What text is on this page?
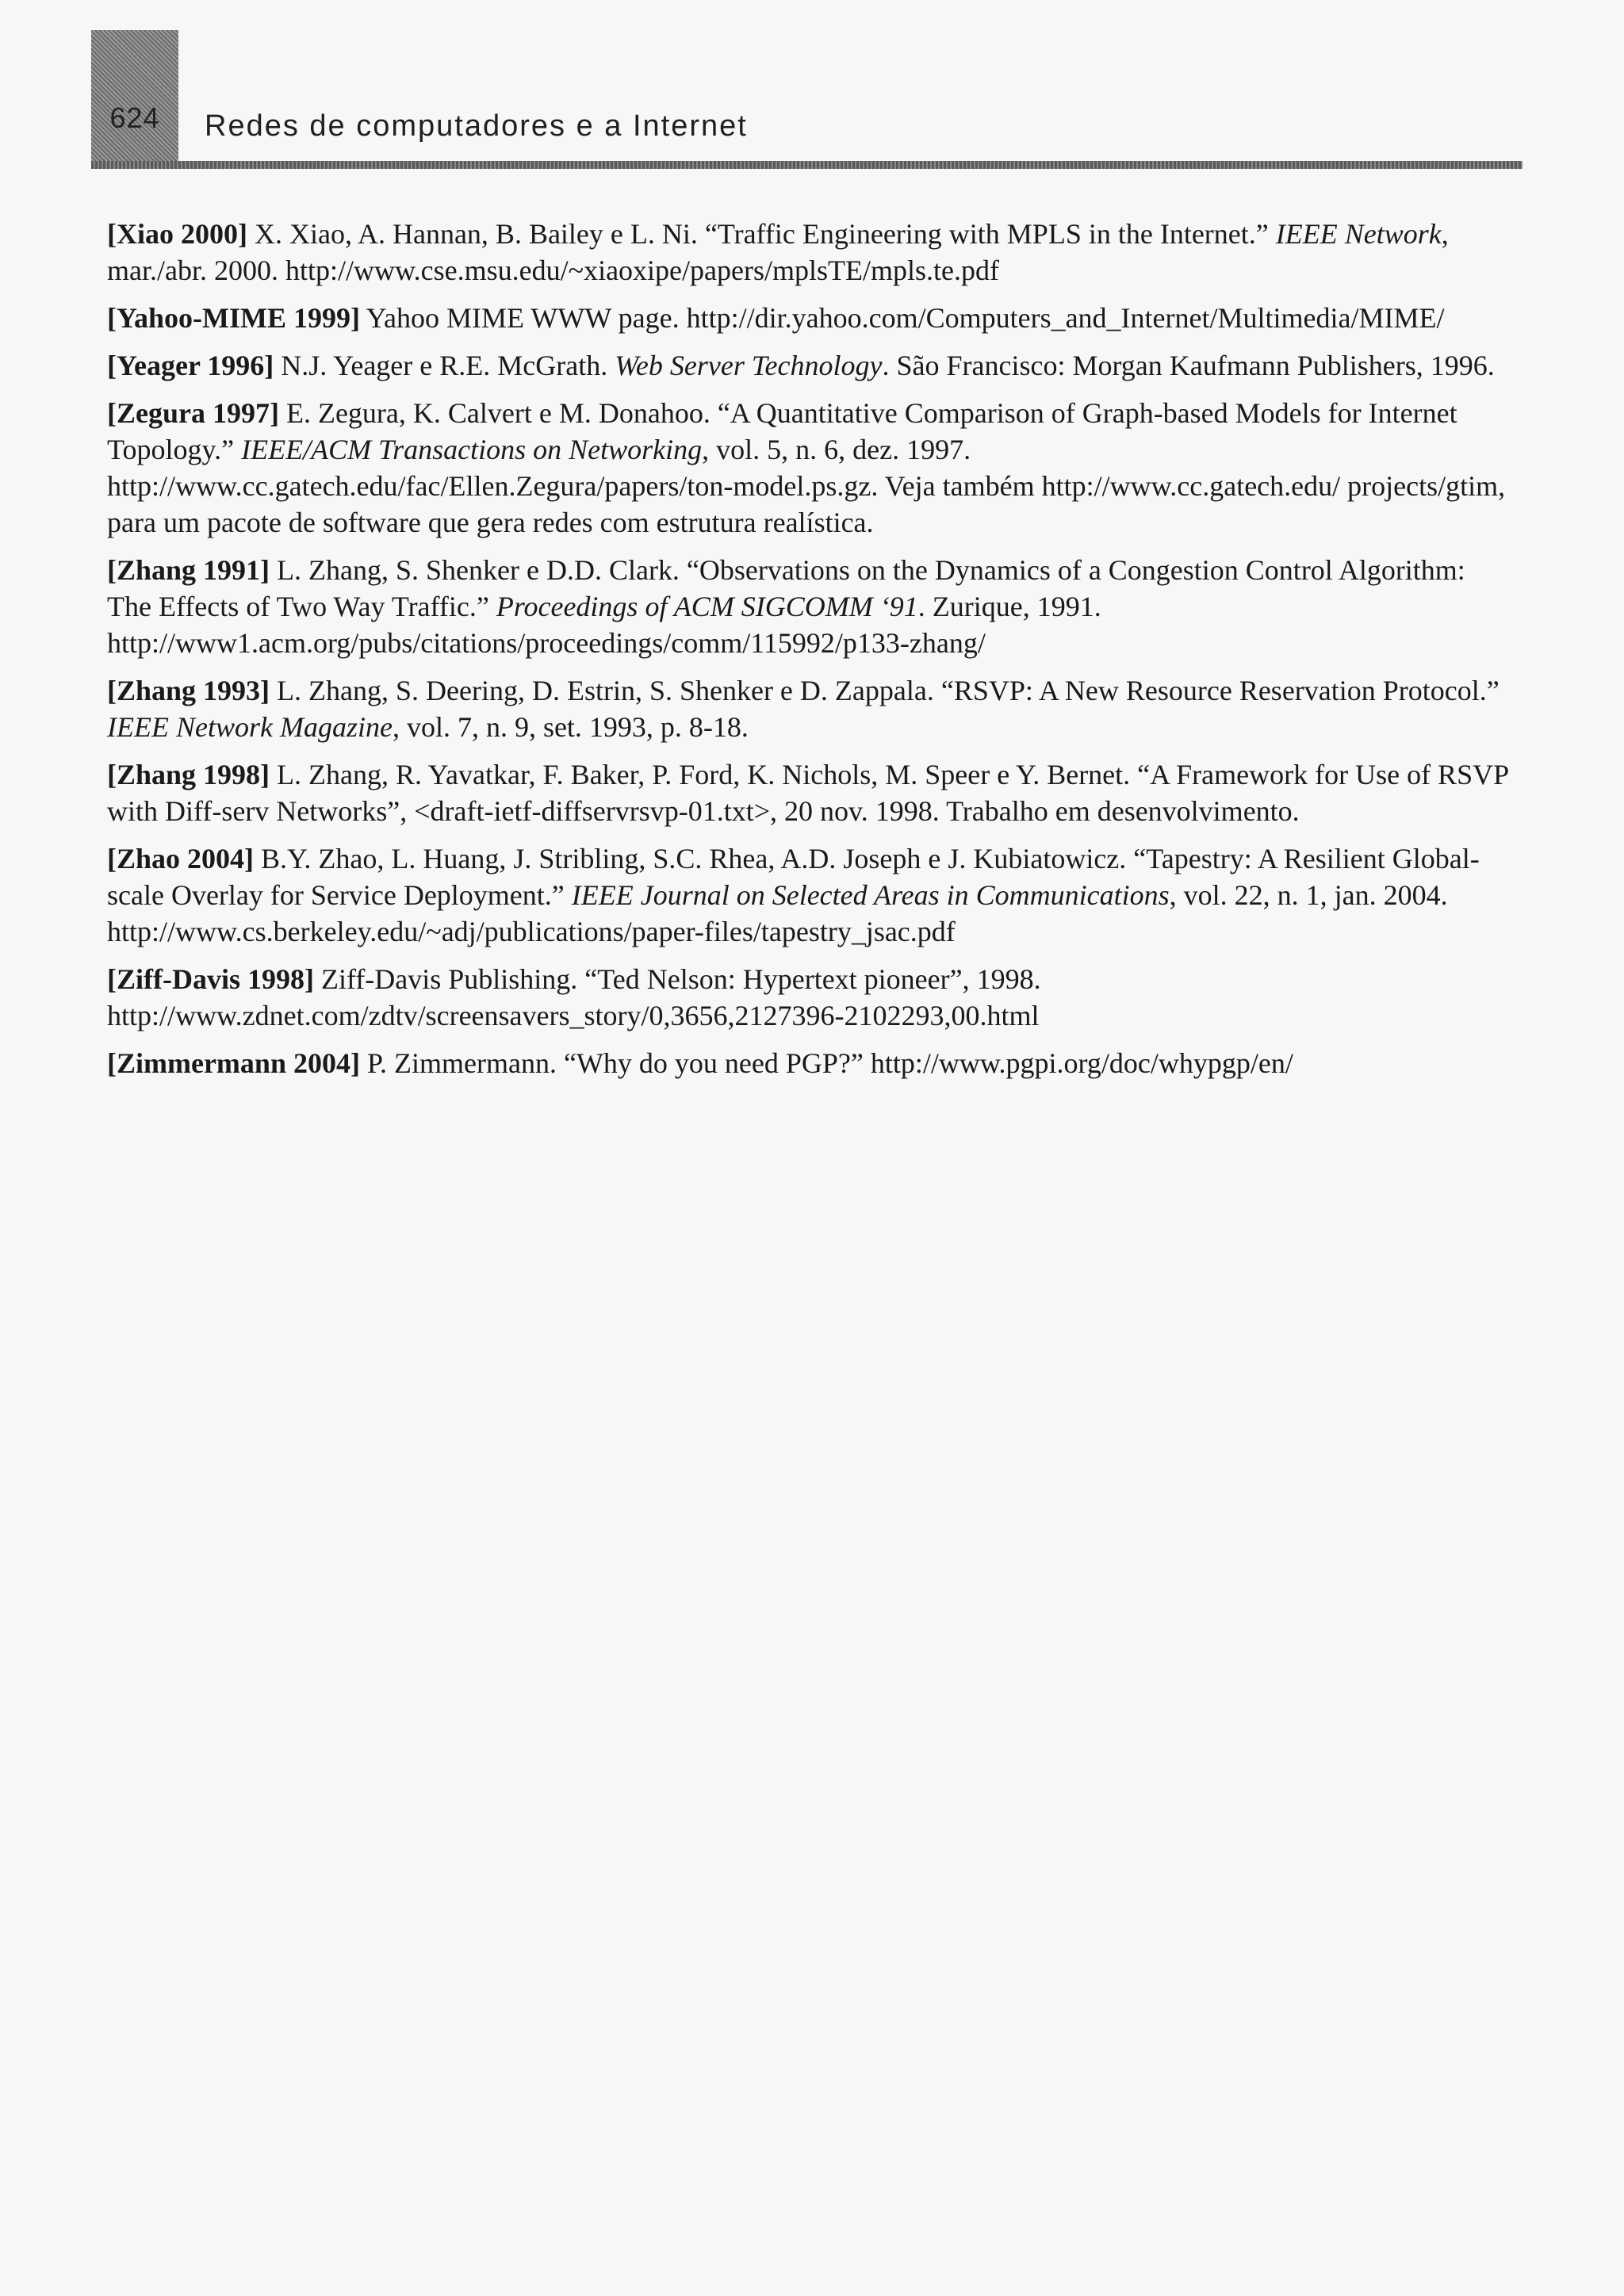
624	Redes de computadores e a Internet

[Xiao 2000] X. Xiao, A. Hannan, B. Bailey e L. Ni. “Traffic Engineering with MPLS in the Internet.” IEEE Network, mar./abr. 2000. http://www.cse.msu.edu/~xiaoxipe/papers/mplsTE/mpls.te.pdf

[Yahoo-MIME 1999] Yahoo MIME WWW page. http://dir.yahoo.com/Computers_and_Internet/Multimedia/MIME/

[Yeager 1996] N.J. Yeager e R.E. McGrath. Web Server Technology. São Francisco: Morgan Kaufmann Publishers, 1996.

[Zegura 1997] E. Zegura, K. Calvert e M. Donahoo. “A Quantitative Comparison of Graph-based Models for Internet Topology.” IEEE/ACM Transactions on Networking, vol. 5, n. 6, dez. 1997. http://www.cc.gatech.edu/fac/Ellen.Zegura/papers/ton-model.ps.gz. Veja também http://www.cc.gatech.edu/ projects/gtim, para um pacote de software que gera redes com estrutura realística.

[Zhang 1991] L. Zhang, S. Shenker e D.D. Clark. “Observations on the Dynamics of a Congestion Control Algorithm: The Effects of Two Way Traffic.” Proceedings of ACM SIGCOMM ‘91. Zurique, 1991. http://www1.acm.org/pubs/citations/proceedings/comm/115992/p133-zhang/

[Zhang 1993] L. Zhang, S. Deering, D. Estrin, S. Shenker e D. Zappala. “RSVP: A New Resource Reservation Protocol.” IEEE Network Magazine, vol. 7, n. 9, set. 1993, p. 8-18.

[Zhang 1998] L. Zhang, R. Yavatkar, F. Baker, P. Ford, K. Nichols, M. Speer e Y. Bernet. “A Framework for Use of RSVP with Diff-serv Networks”, <draft-ietf-diffservrsvp-01.txt>, 20 nov. 1998. Trabalho em desenvolvimento.

[Zhao 2004] B.Y. Zhao, L. Huang, J. Stribling, S.C. Rhea, A.D. Joseph e J. Kubiatowicz. “Tapestry: A Resilient Global-scale Overlay for Service Deployment.” IEEE Journal on Selected Areas in Communications, vol. 22, n. 1, jan. 2004. http://www.cs.berkeley.edu/~adj/publications/paper-files/tapestry_jsac.pdf

[Ziff-Davis 1998] Ziff-Davis Publishing. “Ted Nelson: Hypertext pioneer”, 1998. http://www.zdnet.com/zdtv/screensavers_story/0,3656,2127396-2102293,00.html

[Zimmermann 2004] P. Zimmermann. “Why do you need PGP?” http://www.pgpi.org/doc/whypgp/en/
